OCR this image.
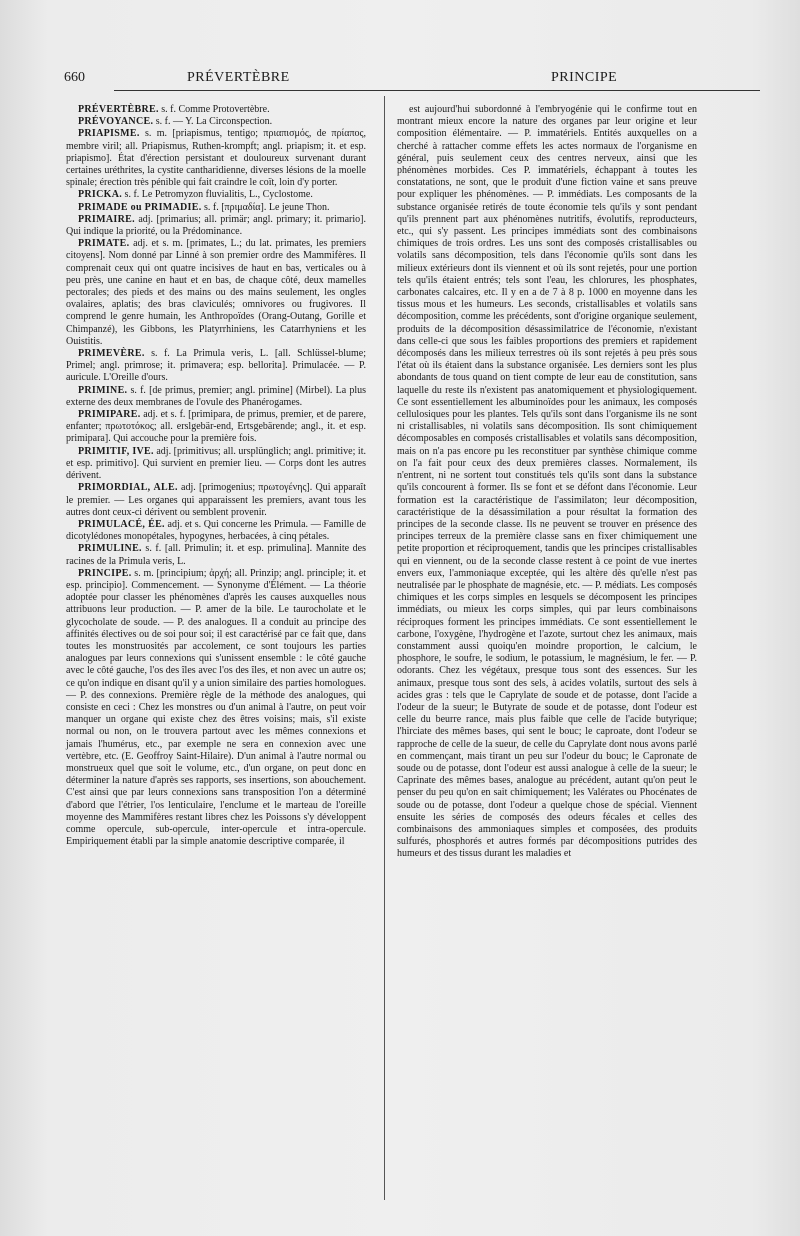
660	PRÉVERTÈBRE	PRINCIPE

PRÉVERTÈBRE. s. f. Comme Protovertèbre.

PRÉVOYANCE. s. f. — Y. La Circonspection.

PRIAPISME. s. m. [priapismus, tentigo; πριαπισμός, de πρίαπος, membre viril; all. Priapismus, Ruthen-krompft; angl. priapism; it. et esp. priapismo]. État d'érection persistant et douloureux survenant durant certaines uréthrites, la cystite cantharidienne, diverses lésions de la moelle spinale; érection très pénible qui fait craindre le coït, loin d'y porter.

PRICKA. s. f. Le Petromyzon fluvialitis, L., Cyclostome.

PRIMADE ou PRIMADIE. s. f. [πριμαδία]. Le jeune Thon.

PRIMAIRE. adj. [primarius; all. primär; angl. primary; it. primario]. Qui indique la priorité, ou la Prédominance.

PRIMATE. adj. et s. m. [primates, L.; du lat. primates, les premiers citoyens]. Nom donné par Linné à son premier ordre des Mammifères. Il comprenait ceux qui ont quatre incisives de haut en bas, verticales ou à peu près, une canine en haut et en bas, de chaque côté, deux mamelles pectorales; des pieds et des mains ou des mains seulement, les ongles ovalaires, aplatis; des bras claviculés; omnivores ou frugivores. Il comprend le genre humain, les Anthropoïdes (Orang-Outang, Gorille et Chimpanzé), les Gibbons, les Platyrrhiniens, les Catarrhyniens et les Ouistitis.

PRIMEVÈRE. s. f. La Primula veris, L. [all. Schlüssel-blume; Primel; angl. primrose; it. primavera; esp. bellorita]. Primulacée. — P. auricule. L'Oreille d'ours.

PRIMINE. s. f. [de primus, premier; angl. primine] (Mirbel). La plus externe des deux membranes de l'ovule des Phanérogames.

PRIMIPARE. adj. et s. f. [primipara, de primus, premier, et de parere, enfanter; πρωτοτόκος; all. erslgebär-end, Ertsgebärende; angl., it. et esp. primipara]. Qui accouche pour la première fois.

PRIMITIF, IVE. adj. [primitivus; all. ursplünglich; angl. primitive; it. et esp. primitivo]. Qui survient en premier lieu. — Corps dont les autres dérivent.

PRIMORDIAL, ALE. adj. [primogenius; πρωτογένης]. Qui apparaît le premier. — Les organes qui apparaissent les premiers, avant tous les autres dont ceux-ci dérivent ou semblent provenir.

PRIMULACÉ, ÉE. adj. et s. Qui concerne les Primula. — Famille de dicotylédones monopétales, hypogynes, herbacées, à cinq pétales.

PRIMULINE. s. f. [all. Primulin; it. et esp. primulina]. Mannite des racines de la Primula veris, L.

PRINCIPE. s. m. [principium; ἀρχή; all. Prinzip; angl. principle; it. et esp. principio]. Commencement. — Synonyme d'Élément. — La théorie adoptée pour classer les phénomènes d'après les causes auxquelles nous attribuons leur production. — P. amer de la bile. Le taurocholate et le glycocholate de soude. — P. des analogues. Il a conduit au principe des affinités électives ou de soi pour soi; il est caractérisé par ce fait que, dans toutes les monstruosités par accolement, ce sont toujours les parties analogues par leurs connexions qui s'unissent ensemble : le côté gauche avec le côté gauche, l'os des îles avec l'os des îles, et non avec un autre os; ce qu'on indique en disant qu'il y a union similaire des parties homologues. — P. des connexions. Première règle de la méthode des analogues, qui consiste en ceci : Chez les monstres ou d'un animal à l'autre, on peut voir manquer un organe qui existe chez des êtres voisins; mais, s'il existe normal ou non, on le trouvera partout avec les mêmes connexions et jamais l'humérus, etc., par exemple ne sera en connexion avec une vertèbre, etc. (E. Geoffroy Saint-Hilaire). D'un animal à l'autre normal ou monstrueux quel que soit le volume, etc., d'un organe, on peut donc en déterminer la nature d'après ses rapports, ses insertions, son abouchement. C'est ainsi que par leurs connexions sans transposition l'on a déterminé d'abord que l'étrier, l'os lenticulaire, l'enclume et le marteau de l'oreille moyenne des Mammifères restant libres chez les Poissons s'y développent comme opercule, sub-opercule, inter-opercule et intra-opercule. Empiriquement établi par la simple anatomie descriptive comparée, il

est aujourd'hui subordonné à l'embryogénie qui le confirme tout en montrant mieux encore la nature des organes par leur origine et leur composition élémentaire. — P. immatériels. Entités auxquelles on a cherché à rattacher comme effets les actes normaux de l'organisme en général, puis seulement ceux des centres nerveux, ainsi que les phénomènes morbides. Ces P. immatériels, échappant à toutes les constatations, ne sont, que le produit d'une fiction vaine et sans preuve pour expliquer les phénomènes. — P. immédiats. Les composants de la substance organisée retirés de toute économie tels qu'ils y sont pendant qu'ils prennent part aux phénomènes nutritifs, évolutifs, reproducteurs, etc., qui s'y passent. Les principes immédiats sont des combinaisons chimiques de trois ordres. Les uns sont des composés cristallisables ou volatils sans décomposition, tels dans l'économie qu'ils sont dans les milieux extérieurs dont ils viennent et où ils sont rejetés, pour une portion tels qu'ils étaient entrés; tels sont l'eau, les chlorures, les phosphates, carbonates calcaires, etc. Il y en a de 7 à 8 p. 1000 en moyenne dans les tissus mous et les humeurs. Les seconds, cristallisables et volatils sans décomposition, comme les précédents, sont d'origine organique seulement, produits de la décomposition désassimilatrice de l'économie, n'existant dans celle-ci que sous les faibles proportions des premiers et rapidement décomposés dans les milieux terrestres où ils sont rejetés à peu près sous l'état où ils étaient dans la substance organisée. Les derniers sont les plus abondants de tous quand on tient compte de leur eau de constitution, sans laquelle du reste ils n'existent pas anatomiquement et physiologiquement. Ce sont essentiellement les albuminoïdes pour les animaux, les composés cellulosiques pour les plantes. Tels qu'ils sont dans l'organisme ils ne sont ni cristallisables, ni volatils sans décomposition. Ils sont chimiquement décomposables en composés cristallisables et volatils sans décomposition, mais on n'a pas encore pu les reconstituer par synthèse chimique comme on l'a fait pour ceux des deux premières classes. Normalement, ils n'entrent, ni ne sortent tout constitués tels qu'ils sont dans la substance qu'ils concourent à former. Ils se font et se défont dans l'économie. Leur formation est la caractéristique de l'assimilaton; leur décomposition, caractéristique de la désassimilation a pour résultat la formation des principes de la seconde classe. Ils ne peuvent se trouver en présence des principes terreux de la première classe sans en fixer chimiquement une petite proportion et réciproquement, tandis que les principes cristallisables qui en viennent, ou de la seconde classe restent à ce point de vue inertes envers eux, l'ammoniaque exceptée, qui les altère dès qu'elle n'est pas neutralisée par le phosphate de magnésie, etc. — P. médiats. Les composés chimiques et les corps simples en lesquels se décomposent les principes immédiats, ou mieux les corps simples, qui par leurs combinaisons réciproques forment les principes immédiats. Ce sont essentiellement le carbone, l'oxygène, l'hydrogène et l'azote, surtout chez les animaux, mais constamment aussi quoiqu'en moindre proportion, le calcium, le phosphore, le soufre, le sodium, le potassium, le magnésium, le fer. — P. odorants. Chez les végétaux, presque tous sont des essences. Sur les animaux, presque tous sont des sels, à acides volatils, surtout des sels à acides gras : tels que le Caprylate de soude et de potasse, dont l'acide a l'odeur de la sueur; le Butyrate de soude et de potasse, dont l'odeur est celle du beurre rance, mais plus faible que celle de l'acide butyrique; l'hirciate des mêmes bases, qui sent le bouc; le caproate, dont l'odeur se rapproche de celle de la sueur, de celle du Caprylate dont nous avons parlé en commençant, mais tirant un peu sur l'odeur du bouc; le Capronate de soude ou de potasse, dont l'odeur est aussi analogue à celle de la sueur; le Caprinate des mêmes bases, analogue au précédent, autant qu'on peut le penser du peu qu'on en sait chimiquement; les Valérates ou Phocénates de soude ou de potasse, dont l'odeur a quelque chose de spécial. Viennent ensuite les séries de composés des odeurs fécales et celles des combinaisons des ammoniaques simples et composées, des produits sulfurés, phosphorés et autres formés par décompositions putrides des humeurs et des tissus durant les maladies et
